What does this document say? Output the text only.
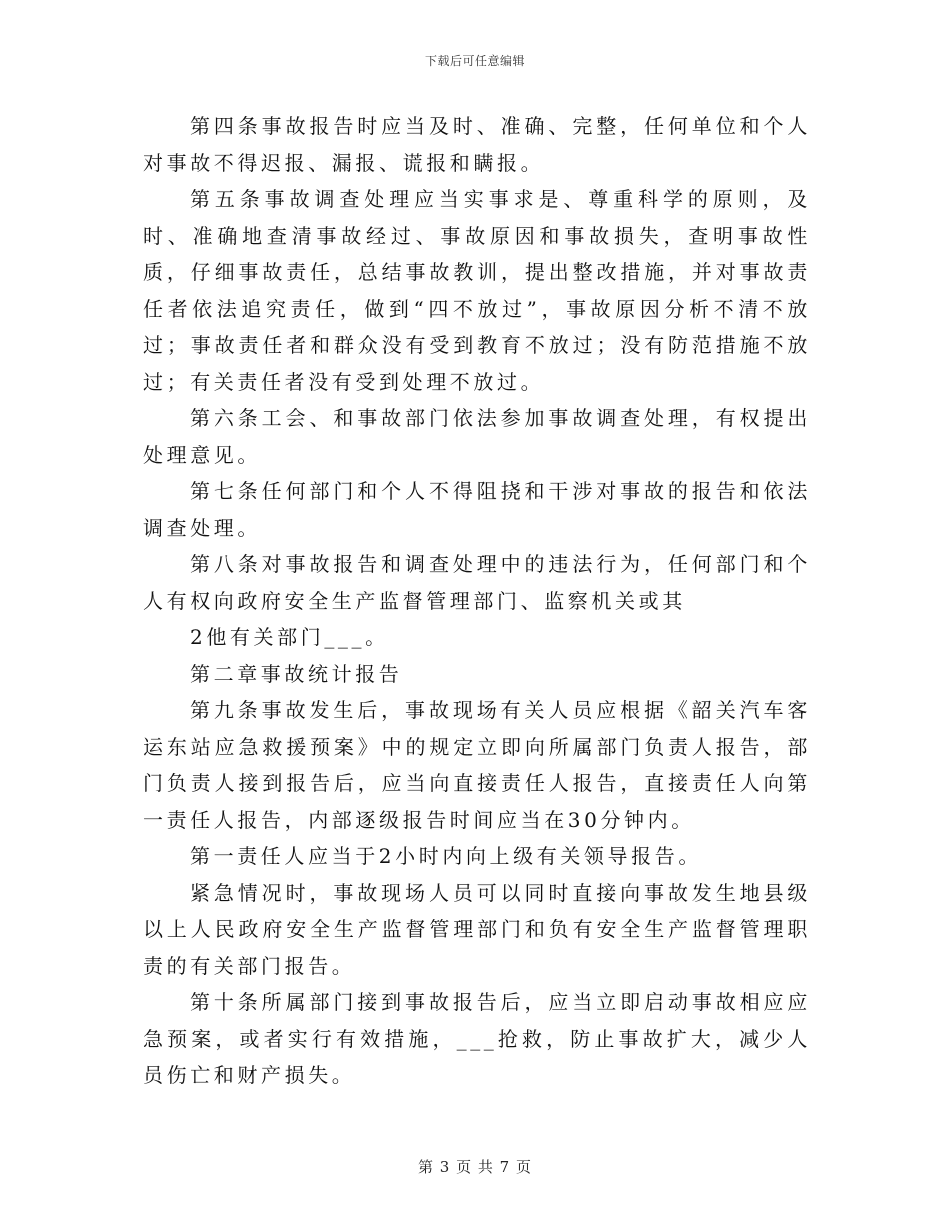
下载后可任意编辑

第四条事故报告时应当及时、准确、完整，任何单位和个人对事故不得迟报、漏报、谎报和瞒报。

第五条事故调查处理应当实事求是、尊重科学的原则，及时、准确地查清事故经过、事故原因和事故损失，查明事故性质，仔细事故责任，总结事故教训，提出整改措施，并对事故责任者依法追究责任，做到“四不放过”，事故原因分析不清不放过；事故责任者和群众没有受到教育不放过；没有防范措施不放过；有关责任者没有受到处理不放过。

第六条工会、和事故部门依法参加事故调查处理，有权提出处理意见。

第七条任何部门和个人不得阻挠和干涉对事故的报告和依法调查处理。

第八条对事故报告和调查处理中的违法行为，任何部门和个人有权向政府安全生产监督管理部门、监察机关或其

2他有关部门___。

第二章事故统计报告

第九条事故发生后，事故现场有关人员应根据《韶关汽车客运东站应急救援预案》中的规定立即向所属部门负责人报告，部门负责人接到报告后，应当向直接责任人报告，直接责任人向第一责任人报告，内部逐级报告时间应当在30分钟内。

第一责任人应当于2小时内向上级有关领导报告。

紧急情况时，事故现场人员可以同时直接向事故发生地县级以上人民政府安全生产监督管理部门和负有安全生产监督管理职责的有关部门报告。

第十条所属部门接到事故报告后，应当立即启动事故相应应急预案，或者实行有效措施，___抢救，防止事故扩大，减少人员伤亡和财产损失。

第 3 页 共 7 页
